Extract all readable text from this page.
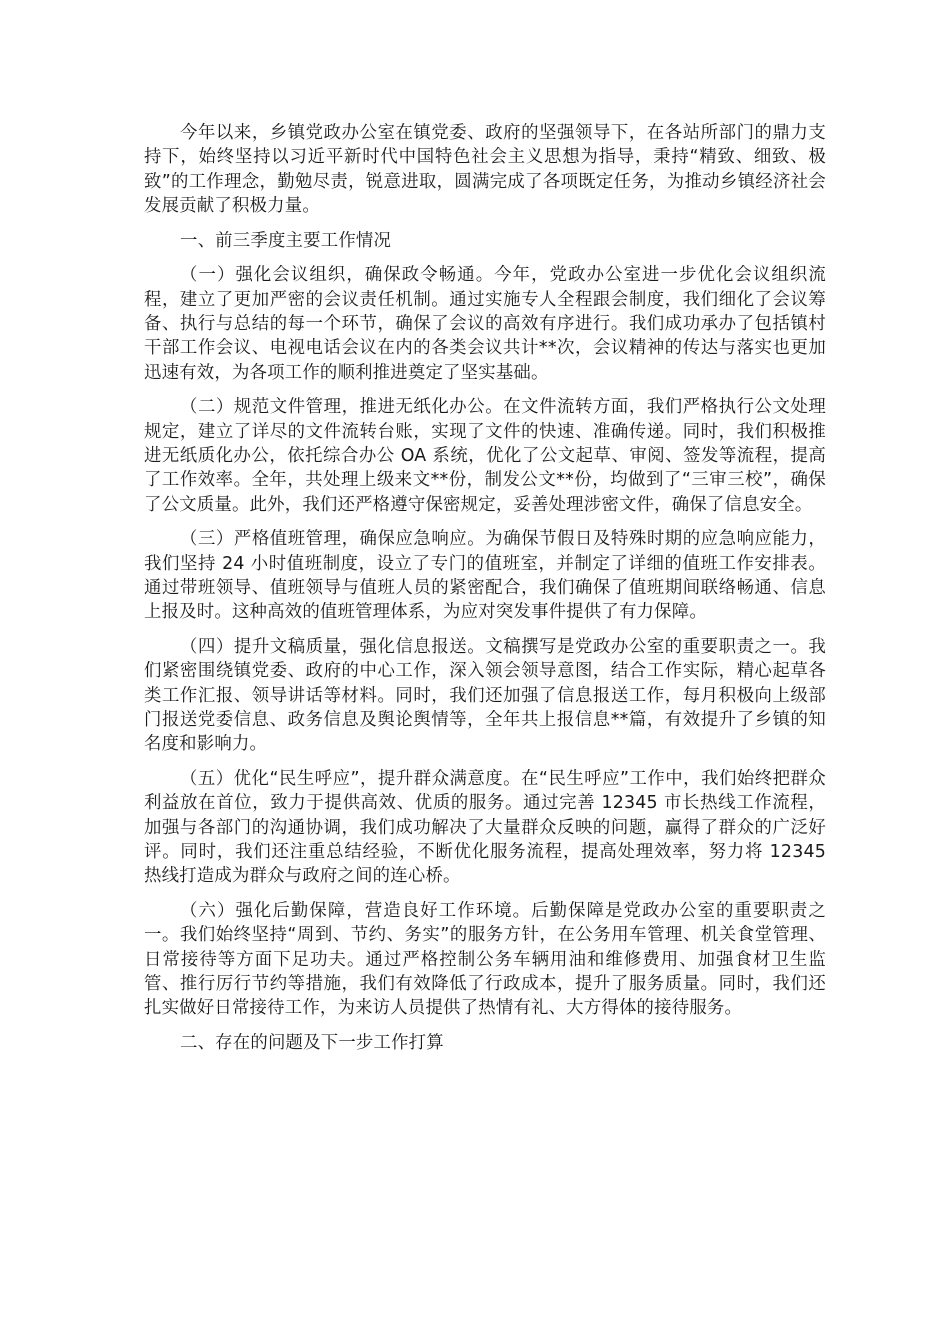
今年以来，乡镇党政办公室在镇党委、政府的坚强领导下，在各站所部门的鼎力支持下，始终坚持以习近平新时代中国特色社会主义思想为指导，秉持“精致、细致、极致”的工作理念，勤勉尽责，锐意进取，圆满完成了各项既定任务，为推动乡镇经济社会发展贡献了积极力量。

一、前三季度主要工作情况

（一）强化会议组织，确保政令畅通。今年，党政办公室进一步优化会议组织流程，建立了更加严密的会议责任机制。通过实施专人全程跟会制度，我们细化了会议筹备、执行与总结的每一个环节，确保了会议的高效有序进行。我们成功承办了包括镇村干部工作会议、电视电话会议在内的各类会议共计**次，会议精神的传达与落实也更加迅速有效，为各项工作的顺利推进奠定了坚实基础。

（二）规范文件管理，推进无纸化办公。在文件流转方面，我们严格执行公文处理规定，建立了详尽的文件流转台账，实现了文件的快速、准确传递。同时，我们积极推进无纸质化办公，依托综合办公 OA 系统，优化了公文起草、审阅、签发等流程，提高了工作效率。全年，共处理上级来文**份，制发公文**份，均做到了“三审三校”，确保了公文质量。此外，我们还严格遵守保密规定，妥善处理涉密文件，确保了信息安全。

（三）严格值班管理，确保应急响应。为确保节假日及特殊时期的应急响应能力，我们坚持 24 小时值班制度，设立了专门的值班室，并制定了详细的值班工作安排表。通过带班领导、值班领导与值班人员的紧密配合，我们确保了值班期间联络畅通、信息上报及时。这种高效的值班管理体系，为应对突发事件提供了有力保障。

（四）提升文稿质量，强化信息报送。文稿撰写是党政办公室的重要职责之一。我们紧密围绕镇党委、政府的中心工作，深入领会领导意图，结合工作实际，精心起草各类工作汇报、领导讲话等材料。同时，我们还加强了信息报送工作，每月积极向上级部门报送党委信息、政务信息及舆论舆情等，全年共上报信息**篇，有效提升了乡镇的知名度和影响力。

（五）优化“民生呼应”，提升群众满意度。在“民生呼应”工作中，我们始终把群众利益放在首位，致力于提供高效、优质的服务。通过完善 12345 市长热线工作流程，加强与各部门的沟通协调，我们成功解决了大量群众反映的问题，赢得了群众的广泛好评。同时，我们还注重总结经验，不断优化服务流程，提高处理效率，努力将 12345 热线打造成为群众与政府之间的连心桥。

（六）强化后勤保障，营造良好工作环境。后勤保障是党政办公室的重要职责之一。我们始终坚持“周到、节约、务实”的服务方针，在公务用车管理、机关食堂管理、日常接待等方面下足功夫。通过严格控制公务车辆用油和维修费用、加强食材卫生监管、推行厉行节约等措施，我们有效降低了行政成本，提升了服务质量。同时，我们还扎实做好日常接待工作，为来访人员提供了热情有礼、大方得体的接待服务。

二、存在的问题及下一步工作打算
